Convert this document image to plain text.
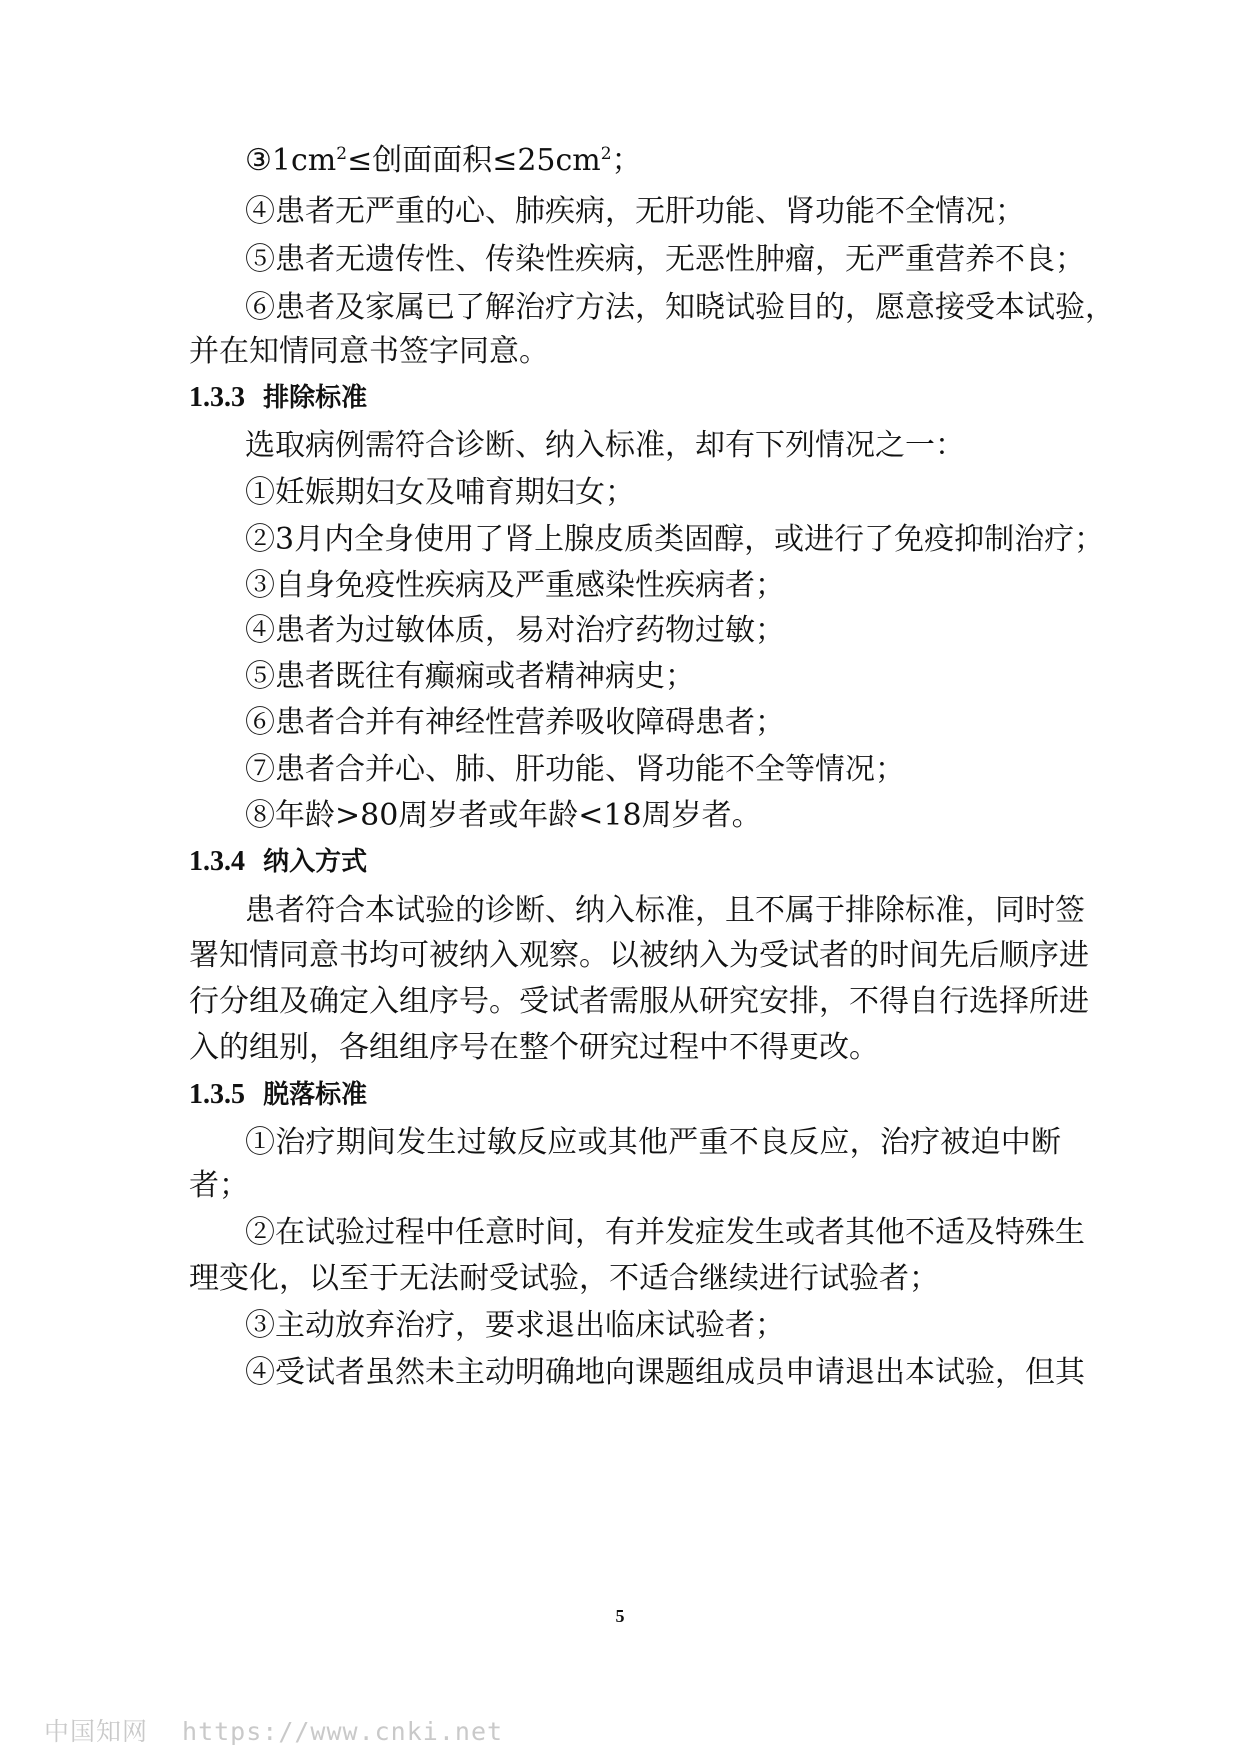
$③1cm^2\le$创面面积$\le 25cm^2$；
④患者无严重的心、肺疾病，无肝功能、肾功能不全情况；
⑤患者无遗传性、传染性疾病，无恶性肿瘤，无严重营养不良；
⑥患者及家属已了解治疗方法，知晓试验目的，愿意接受本试验，
并在知情同意书签字同意。
1.3.3 排除标准
选取病例需符合诊断、纳入标准，却有下列情况之一：
①妊娠期妇女及哺育期妇女；
②3月内全身使用了肾上腺皮质类固醇，或进行了免疫抑制治疗；
③自身免疫性疾病及严重感染性疾病者；
④患者为过敏体质，易对治疗药物过敏；
⑤患者既往有癫痫或者精神病史；
⑥患者合并有神经性营养吸收障碍患者；
⑦患者合并心、肺、肝功能、肾功能不全等情况；
⑧年龄>80周岁者或年龄<18周岁者。
1.3.4 纳入方式
患者符合本试验的诊断、纳入标准，且不属于排除标准，同时签
署知情同意书均可被纳入观察。以被纳入为受试者的时间先后顺序进
行分组及确定入组序号。受试者需服从研究安排，不得自行选择所进
入的组别，各组组序号在整个研究过程中不得更改。
1.3.5 脱落标准
①治疗期间发生过敏反应或其他严重不良反应，治疗被迫中断
者；
②在试验过程中任意时间，有并发症发生或者其他不适及特殊生
理变化，以至于无法耐受试验，不适合继续进行试验者；
③主动放弃治疗，要求退出临床试验者；
④受试者虽然未主动明确地向课题组成员申请退出本试验，但其
5
中国知网 https://www.cnki.net
